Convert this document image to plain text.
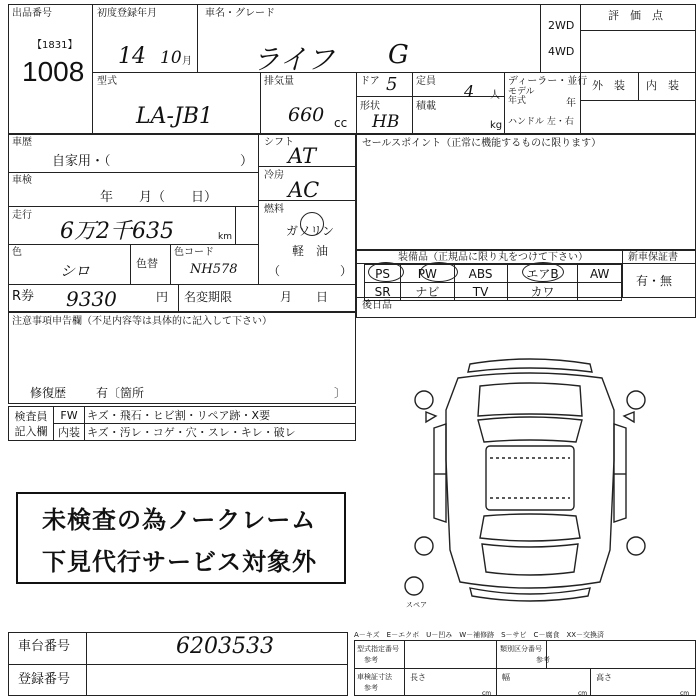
出品番号
【1831】
1008
初度登録年月
14 10 月
車名・グレード
ライフ G
2WD
4WD
評　価　点
型式
LA-JB1
排気量
660 cc
ドア 5 定員
4 人
形状
HB
積載
kg
ディーラー・並行
モデル
年式	年
ハンドル 左・右
外　装 内　装
車歴
自家用・（	）
車検
年　　月（　　日）
走行
6万2千635	km
シフト
AT
冷房
AC
燃料
ガソリン
軽　油
（　　　　　）
色
シロ	色替
色コード
NH578
R券 9330	円 名変期限	月　　日
セールスポイント（正常に機能するものに限ります）
装備品（正規品に限り丸をつけて下さい）	新車保証書
有・無
PS	PW	ABS	エアB	AW
SR	ナビ	TV	カワ	
後日品
注意事項申告欄（不足内容等は具体的に記入して下さい）
修復歴 有〔箇所	〕
検査員
記入欄	FW	キズ・飛石・ヒビ割・リペア跡・X要
	内装	キズ・汚レ・コゲ・穴・スレ・キレ・破レ
未検査の為ノークレーム
下見代行サービス対象外
スペア
A－キズ　E－エクボ　U－凹み　W－補修跡　S－サビ　C－腐食　XX－交換済
車台番号	6203533
登録番号
型式指定番号
参考
類別区分番号
参考
車検証寸法
参考
長さ
cm
幅
cm
高さ
cm
